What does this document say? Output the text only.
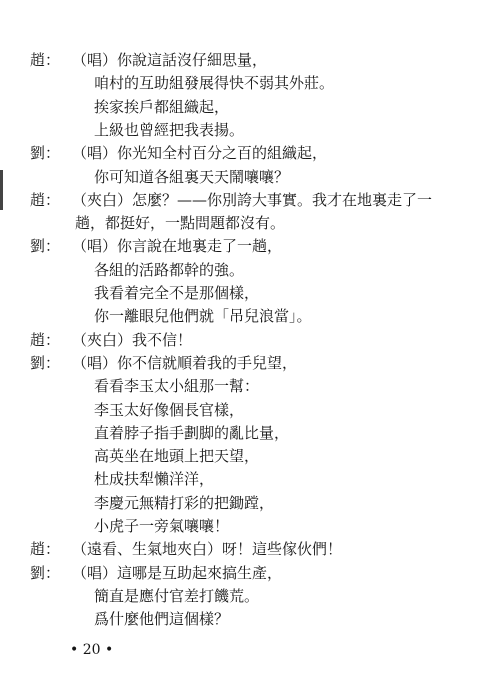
趙： （唱）你說這話沒仔細思量，
咱村的互助組發展得快不弱其外莊。
挨家挨戶都組織起，
上級也曾經把我表揚。
劉： （唱）你光知全村百分之百的組織起，
你可知道各組裏天天鬧嚷嚷？
趙： （夾白）怎麼？——你別誇大事實。我才在地裏走了一
趟，都挺好，一點問題都沒有。
劉： （唱）你言說在地裏走了一趟，
各組的活路都幹的強。
我看着完全不是那個樣，
你一離眼兒他們就「吊兒浪當」。
趙： （夾白）我不信！
劉： （唱）你不信就順着我的手兒望，
看看李玉太小組那一幫：
李玉太好像個長官樣，
直着脖子指手劃脚的亂比量，
高英坐在地頭上把天望，
杜成扶犁懶洋洋，
李慶元無精打彩的把鋤蹚，
小虎子一旁氣嚷嚷！
趙： （遠看、生氣地夾白）呀！這些傢伙們！
劉： （唱）這哪是互助起來搞生產，
簡直是應付官差打饑荒。
爲什麼他們這個樣？
• 20 •
